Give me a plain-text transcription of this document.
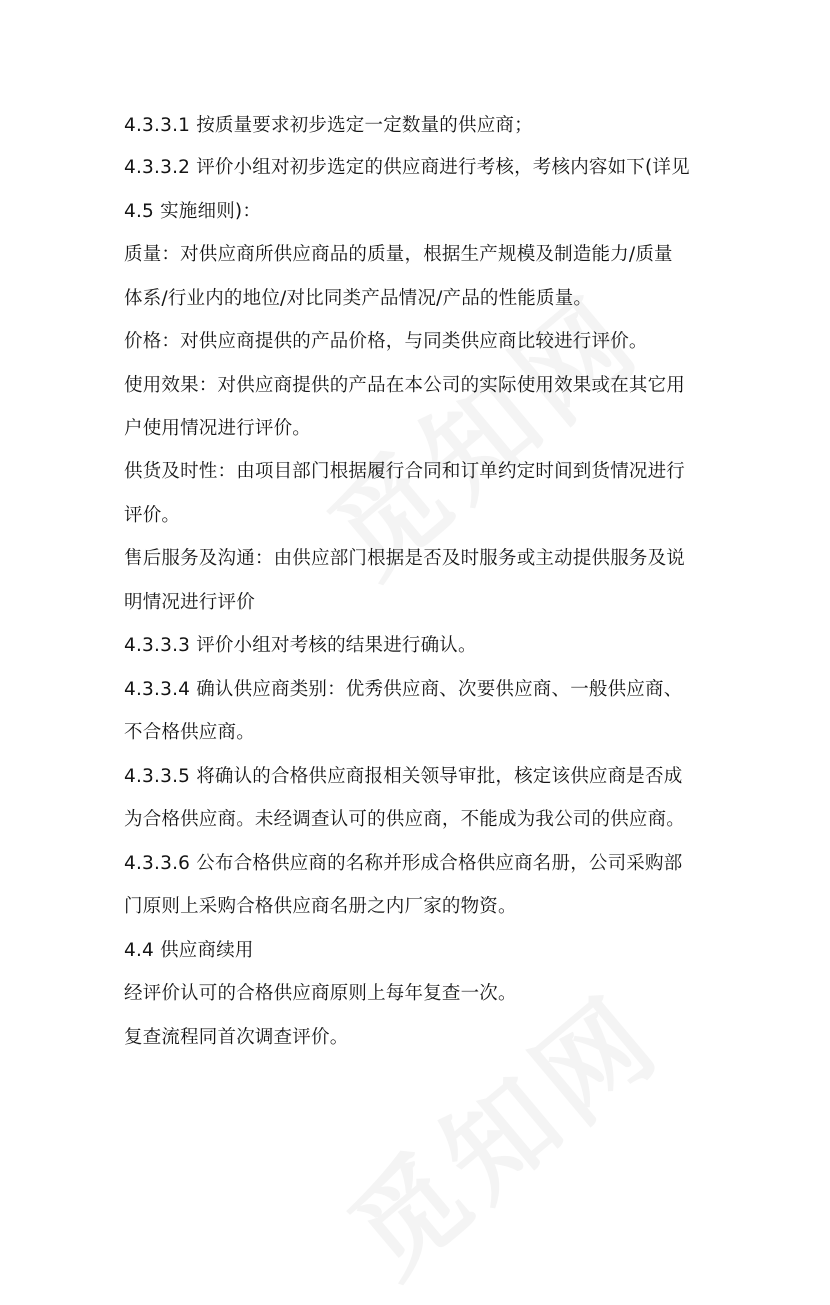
4.3.3.1 按质量要求初步选定一定数量的供应商；
4.3.3.2 评价小组对初步选定的供应商进行考核，考核内容如下(详见
4.5 实施细则)：
质量：对供应商所供应商品的质量，根据生产规模及制造能力/质量
体系/行业内的地位/对比同类产品情况/产品的性能质量。
价格：对供应商提供的产品价格，与同类供应商比较进行评价。
使用效果：对供应商提供的产品在本公司的实际使用效果或在其它用
户使用情况进行评价。
供货及时性：由项目部门根据履行合同和订单约定时间到货情况进行
评价。
售后服务及沟通：由供应部门根据是否及时服务或主动提供服务及说
明情况进行评价
4.3.3.3 评价小组对考核的结果进行确认。
4.3.3.4 确认供应商类别：优秀供应商、次要供应商、一般供应商、
不合格供应商。
4.3.3.5 将确认的合格供应商报相关领导审批，核定该供应商是否成
为合格供应商。未经调查认可的供应商，不能成为我公司的供应商。
4.3.3.6 公布合格供应商的名称并形成合格供应商名册，公司采购部
门原则上采购合格供应商名册之内厂家的物资。
4.4 供应商续用
经评价认可的合格供应商原则上每年复查一次。
复查流程同首次调查评价。
